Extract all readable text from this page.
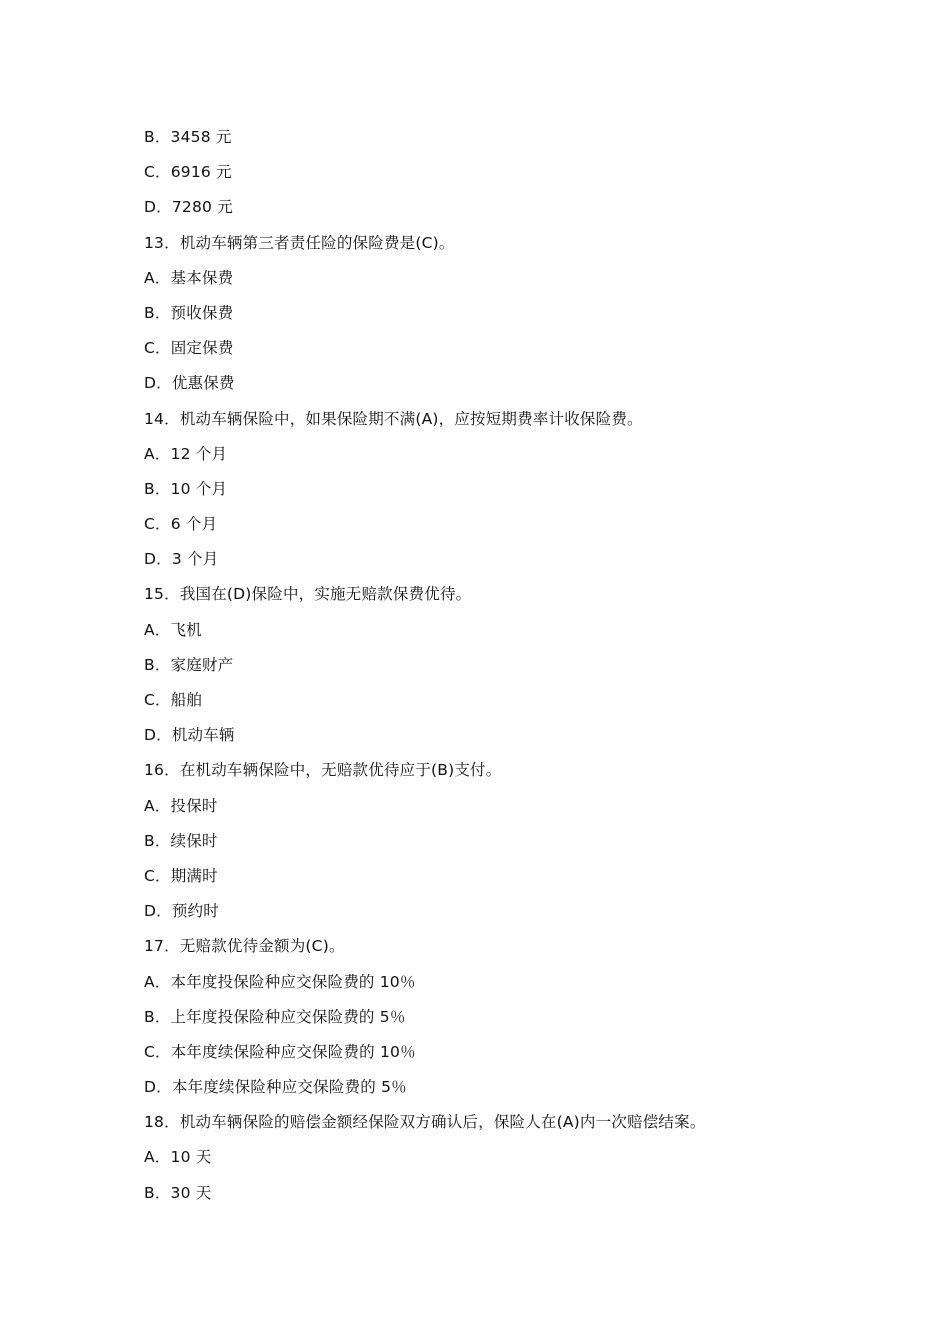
B．3458 元
C．6916 元
D．7280 元
13．机动车辆第三者责任险的保险费是(C)。
A．基本保费
B．预收保费
C．固定保费
D．优惠保费
14．机动车辆保险中，如果保险期不满(A)，应按短期费率计收保险费。
A．12 个月
B．10 个月
C．6 个月
D．3 个月
15．我国在(D)保险中，实施无赔款保费优待。
A．飞机
B．家庭财产
C．船舶
D．机动车辆
16．在机动车辆保险中，无赔款优待应于(B)支付。
A．投保时
B．续保时
C．期满时
D．预约时
17．无赔款优待金额为(C)。
A．本年度投保险种应交保险费的 10％
B．上年度投保险种应交保险费的 5％
C．本年度续保险种应交保险费的 10％
D．本年度续保险种应交保险费的 5％
18．机动车辆保险的赔偿金额经保险双方确认后，保险人在(A)内一次赔偿结案。
A．10 天
B．30 天
